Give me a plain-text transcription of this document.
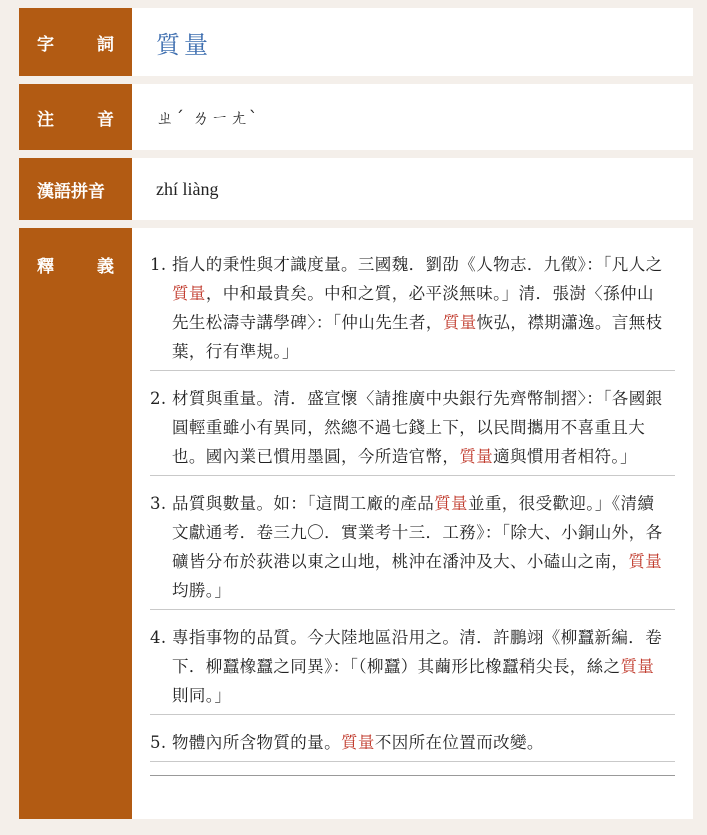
字	詞 質量
注	音 ㄓˊ ㄌㄧㄤˋ
漢語拼音	zhí liàng
釋	義 1. 指人的秉性與才識度量。三國魏．劉劭《人物志．九徵》：「凡人之質量，中和最貴矣。中和之質，必平淡無味。」清．張澍〈孫仲山先生松濤寺講學碑〉：「仲山先生者，質量恢弘，襟期瀟逸。言無枝葉，行有準規。」
2. 材質與重量。清．盛宣懷〈請推廣中央銀行先齊幣制摺〉：「各國銀圓輕重雖小有異同，然總不過七錢上下，以民間攜用不喜重且大也。國內業已慣用墨圓，今所造官幣，質量適與慣用者相符。」
3. 品質與數量。如：「這間工廠的產品質量並重，很受歡迎。」《清續文獻通考．卷三九〇．實業考十三．工務》：「除大、小銅山外，各礦皆分布於荻港以東之山地，桃沖在潘沖及大、小磕山之南，質量均勝。」
4. 專指事物的品質。今大陸地區沿用之。清．許鵬翊《柳蠶新編．卷下．柳蠶橡蠶之同異》：「（柳蠶）其繭形比橡蠶稍尖長，絲之質量則同。」
5. 物體內所含物質的量。質量不因所在位置而改變。
